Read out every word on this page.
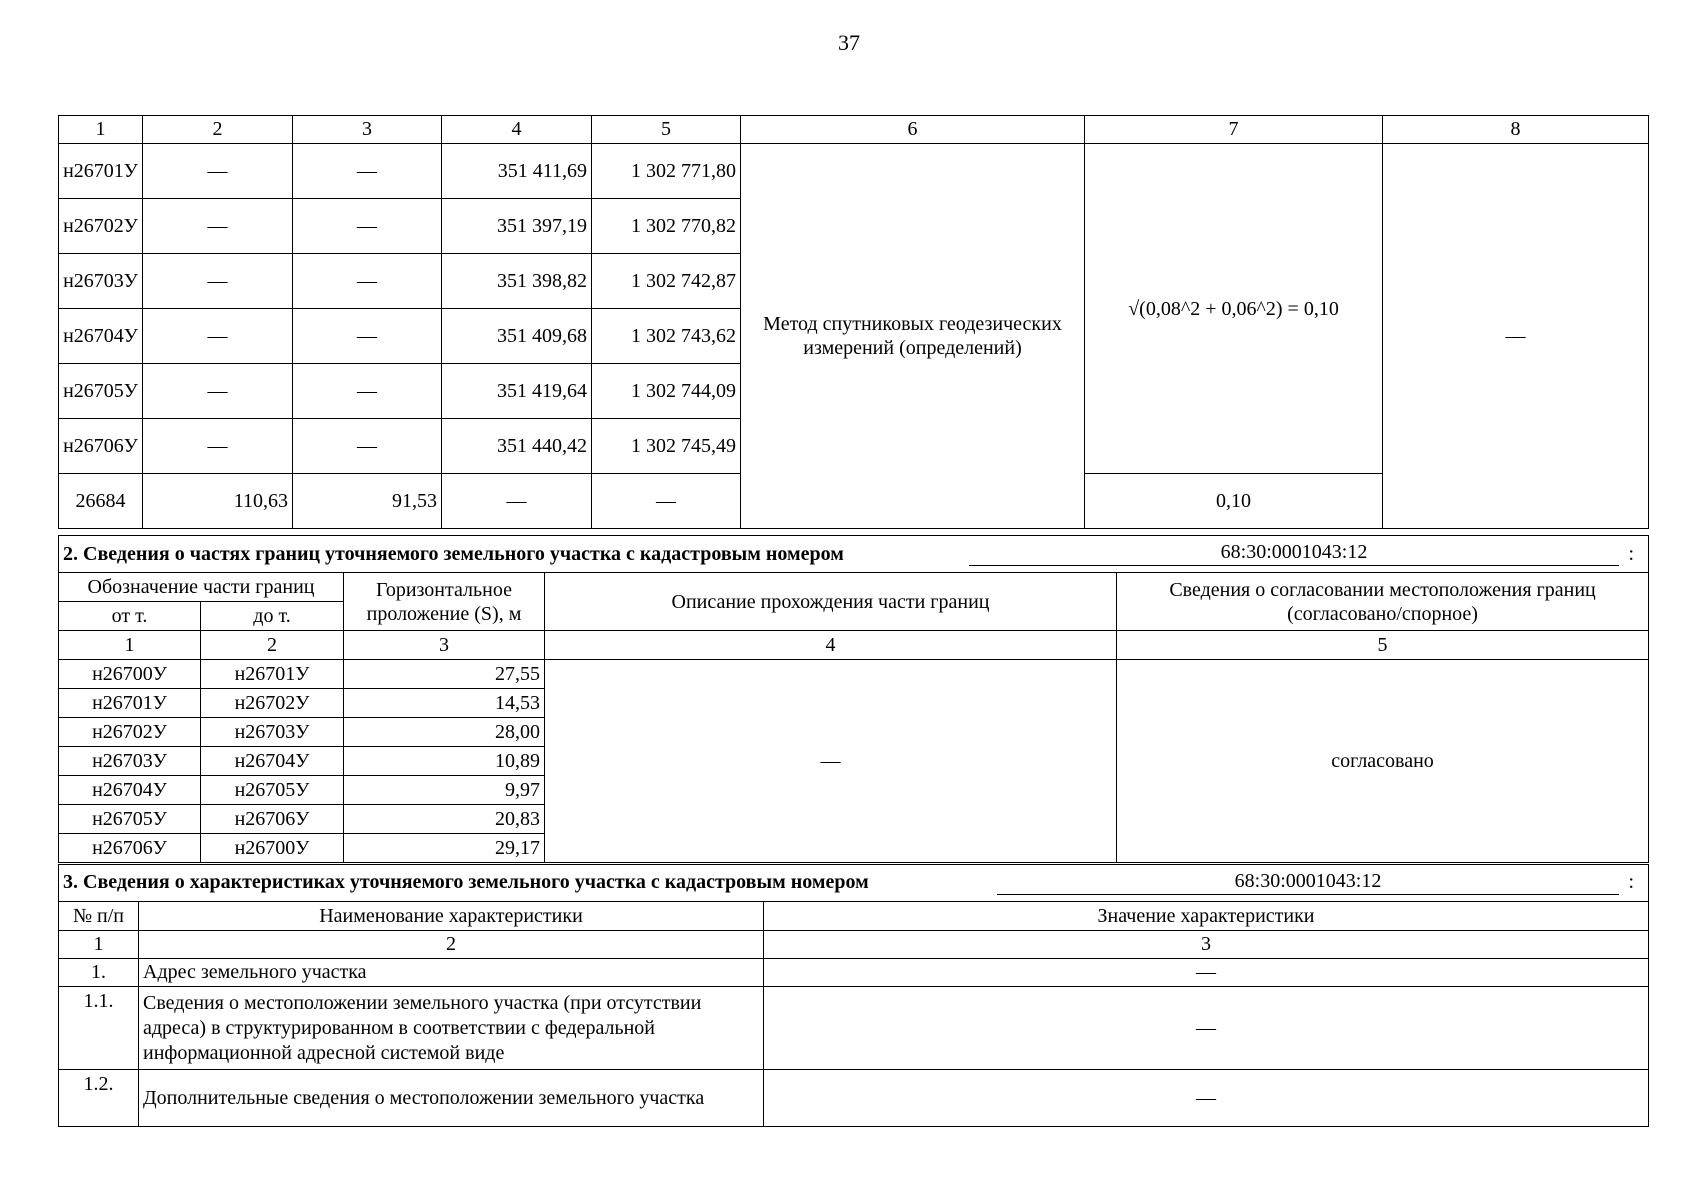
37
1	2	3	4	5	6	7	8
н26701У	—	—	351 411,69	1 302 771,80	Метод спутниковых геодезических измерений (определений)	√(0,08^2 + 0,06^2) = 0,10	—
н26702У	—	—	351 397,19	1 302 770,82			
н26703У	—	—	351 398,82	1 302 742,87			
н26704У	—	—	351 409,68	1 302 743,62			
н26705У	—	—	351 419,64	1 302 744,09			
н26706У	—	—	351 440,42	1 302 745,49			
26684	110,63	91,53	—	—		0,10	
2. Сведения о частях границ уточняемого земельного участка с кадастровым номером 68:30:0001043:12 :				

Обозначение части границ		Горизонтальное проложение (S), м	Описание прохождения части границ	Сведения о согласовании местоположения границ (согласовано/спорное)
от т.	до т.			
1	2	3	4	5
н26700У	н26701У	27,55	—	согласовано
н26701У	н26702У	14,53		
н26702У	н26703У	28,00		
н26703У	н26704У	10,89		
н26704У	н26705У	9,97		
н26705У	н26706У	20,83		
н26706У	н26700У	29,17		
3. Сведения о характеристиках уточняемого земельного участка с кадастровым номером 68:30:0001043:12 :		

№ п/п	Наименование характеристики	Значение характеристики
1	2	3
1.	Адрес земельного участка	—
1.1.	Сведения о местоположении земельного участка (при отсутствии адреса) в структурированном в соответствии с федеральной информационной адресной системой виде	—
1.2.	Дополнительные сведения о местоположении земельного участка	—
